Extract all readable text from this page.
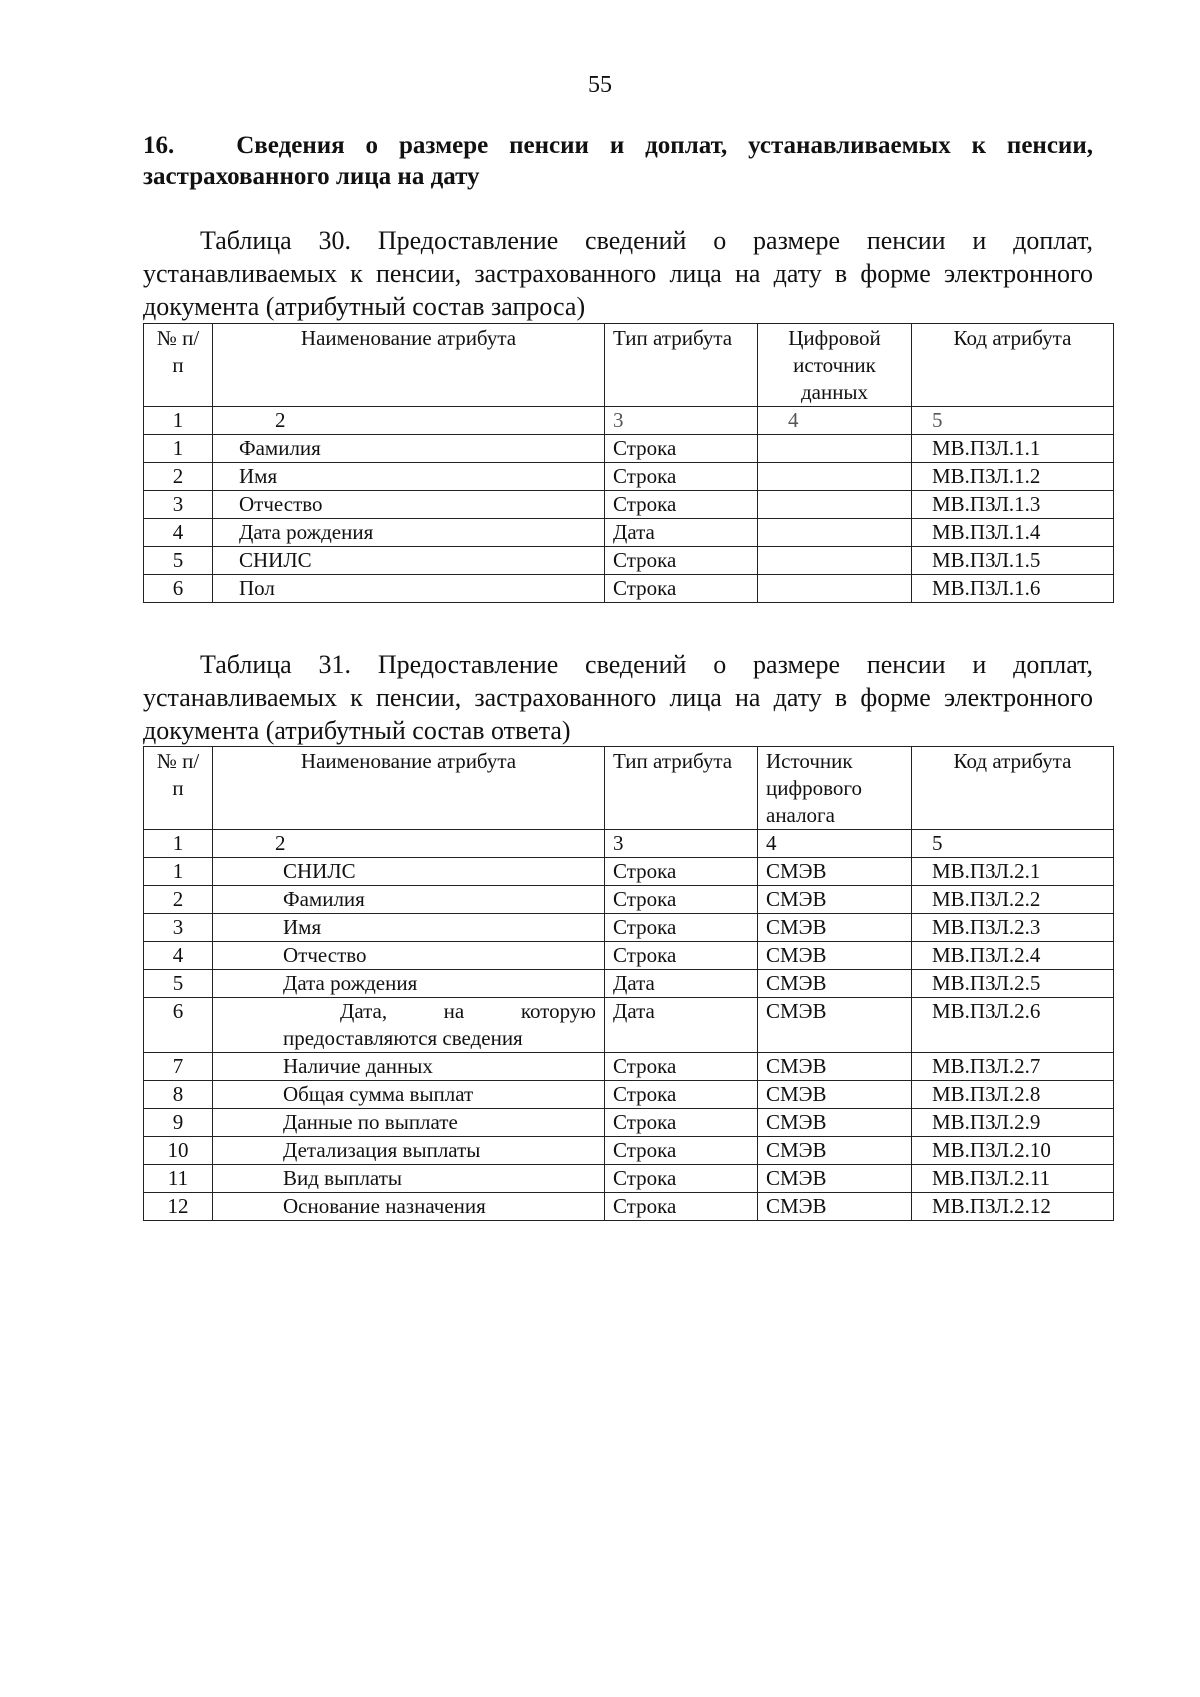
55
16. Сведения о размере пенсии и доплат, устанавливаемых к пенсии, застрахованного лица на дату
Таблица 30. Предоставление сведений о размере пенсии и доплат, устанавливаемых к пенсии, застрахованного лица на дату в форме электронного документа (атрибутный состав запроса)
№ п/п	Наименование атрибута	Тип атрибута	Цифровой источник данных	Код атрибута
1	2	3	4	5
1	Фамилия	Строка		МВ.ПЗЛ.1.1
2	Имя	Строка		МВ.ПЗЛ.1.2
3	Отчество	Строка		МВ.ПЗЛ.1.3
4	Дата рождения	Дата		МВ.ПЗЛ.1.4
5	СНИЛС	Строка		МВ.ПЗЛ.1.5
6	Пол	Строка		МВ.ПЗЛ.1.6
Таблица 31. Предоставление сведений о размере пенсии и доплат, устанавливаемых к пенсии, застрахованного лица на дату в форме электронного документа (атрибутный состав ответа)
№ п/п	Наименование атрибута	Тип атрибута	Источник цифрового аналога	Код атрибута
1	2	3	4	5
1	СНИЛС	Строка	СМЭВ	МВ.ПЗЛ.2.1
2	Фамилия	Строка	СМЭВ	МВ.ПЗЛ.2.2
3	Имя	Строка	СМЭВ	МВ.ПЗЛ.2.3
4	Отчество	Строка	СМЭВ	МВ.ПЗЛ.2.4
5	Дата рождения	Дата	СМЭВ	МВ.ПЗЛ.2.5
6	Дата, на которую предоставляются сведения	Дата	СМЭВ	МВ.ПЗЛ.2.6
7	Наличие данных	Строка	СМЭВ	МВ.ПЗЛ.2.7
8	Общая сумма выплат	Строка	СМЭВ	МВ.ПЗЛ.2.8
9	Данные по выплате	Строка	СМЭВ	МВ.ПЗЛ.2.9
10	Детализация выплаты	Строка	СМЭВ	МВ.ПЗЛ.2.10
11	Вид выплаты	Строка	СМЭВ	МВ.ПЗЛ.2.11
12	Основание назначения	Строка	СМЭВ	МВ.ПЗЛ.2.12
